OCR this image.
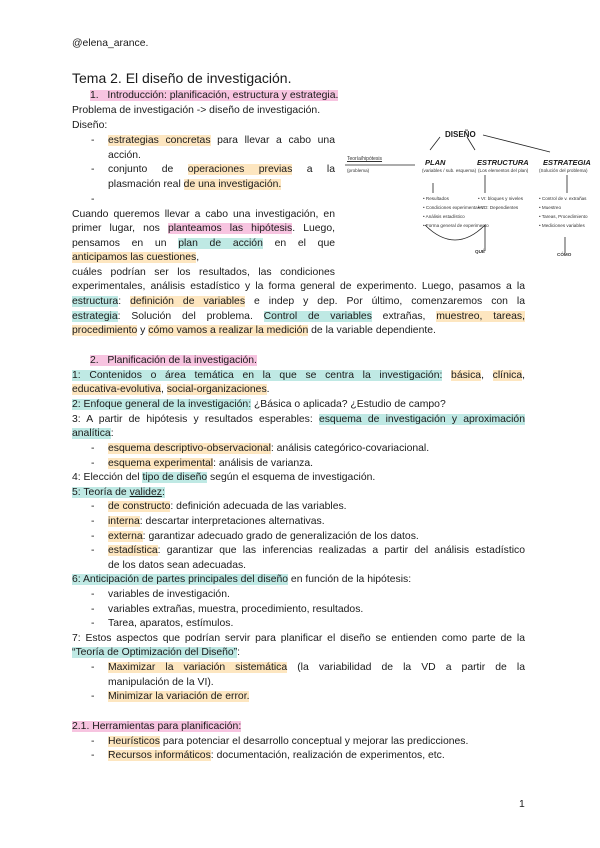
@elena_arance.
Tema 2. El diseño de investigación.
1. Introducción: planificación, estructura y estrategia.
Problema de investigación -> diseño de investigación.
Diseño:
- estrategias concretas para llevar a cabo una
acción.
- conjunto de operaciones previas a la
plasmación real de una investigación.
-
Cuando queremos llevar a cabo una investigación, en
primer lugar, nos planteamos las hipótesis. Luego,
pensamos en un plan de acción en el que
anticipamos las cuestiones,
cuáles podrían ser los resultados, las condiciones
experimentales, análisis estadístico y la forma general de experimento. Luego, pasamos a la
estructura: definición de variables e indep y dep. Por último, comenzaremos con la
estrategia: Solución del problema. Control de variables extrañas, muestreo, tareas,
procedimiento y cómo vamos a realizar la medición de la variable dependiente.
DISEÑO
Teoría/hipótesis
(problema)
PLAN
(variables / sub. esquema)
• Resultados
• Condiciones experimentales
• Análisis estadístico
• Forma general de experimento
ESTRUCTURA
(Los elementos del plan)
• VI: bloques y niveles
• VD: Dependientes
ESTRATEGIA
(Solución del problema)
• Control de v. extrañas
• Muestreo
• Tareas, Procedimiento
• Mediciones variables
QUÉ
CÓMO
2. Planificación de la investigación.
1: Contenidos o área temática en la que se centra la investigación: básica, clínica,
educativa-evolutiva, social-organizaciones.
2: Enfoque general de la investigación: ¿Básica o aplicada? ¿Estudio de campo?
3: A partir de hipótesis y resultados esperables: esquema de investigación y aproximación
analítica:
- esquema descriptivo-observacional: análisis categórico-covariacional.
- esquema experimental: análisis de varianza.
4: Elección del tipo de diseño según el esquema de investigación.
5: Teoría de validez:
- de constructo: definición adecuada de las variables.
- interna: descartar interpretaciones alternativas.
- externa: garantizar adecuado grado de generalización de los datos.
- estadística: garantizar que las inferencias realizadas a partir del análisis estadístico
de los datos sean adecuadas.
6: Anticipación de partes principales del diseño en función de la hipótesis:
- variables de investigación.
- variables extrañas, muestra, procedimiento, resultados.
- Tarea, aparatos, estímulos.
7: Estos aspectos que podrían servir para planificar el diseño se entienden como parte de la
“Teoría de Optimización del Diseño”:
- Maximizar la variación sistemática (la variabilidad de la VD a partir de la
manipulación de la VI).
- Minimizar la variación de error.
2.1. Herramientas para planificación:
- Heurísticos para potenciar el desarrollo conceptual y mejorar las predicciones.
- Recursos informáticos: documentación, realización de experimentos, etc.
1
